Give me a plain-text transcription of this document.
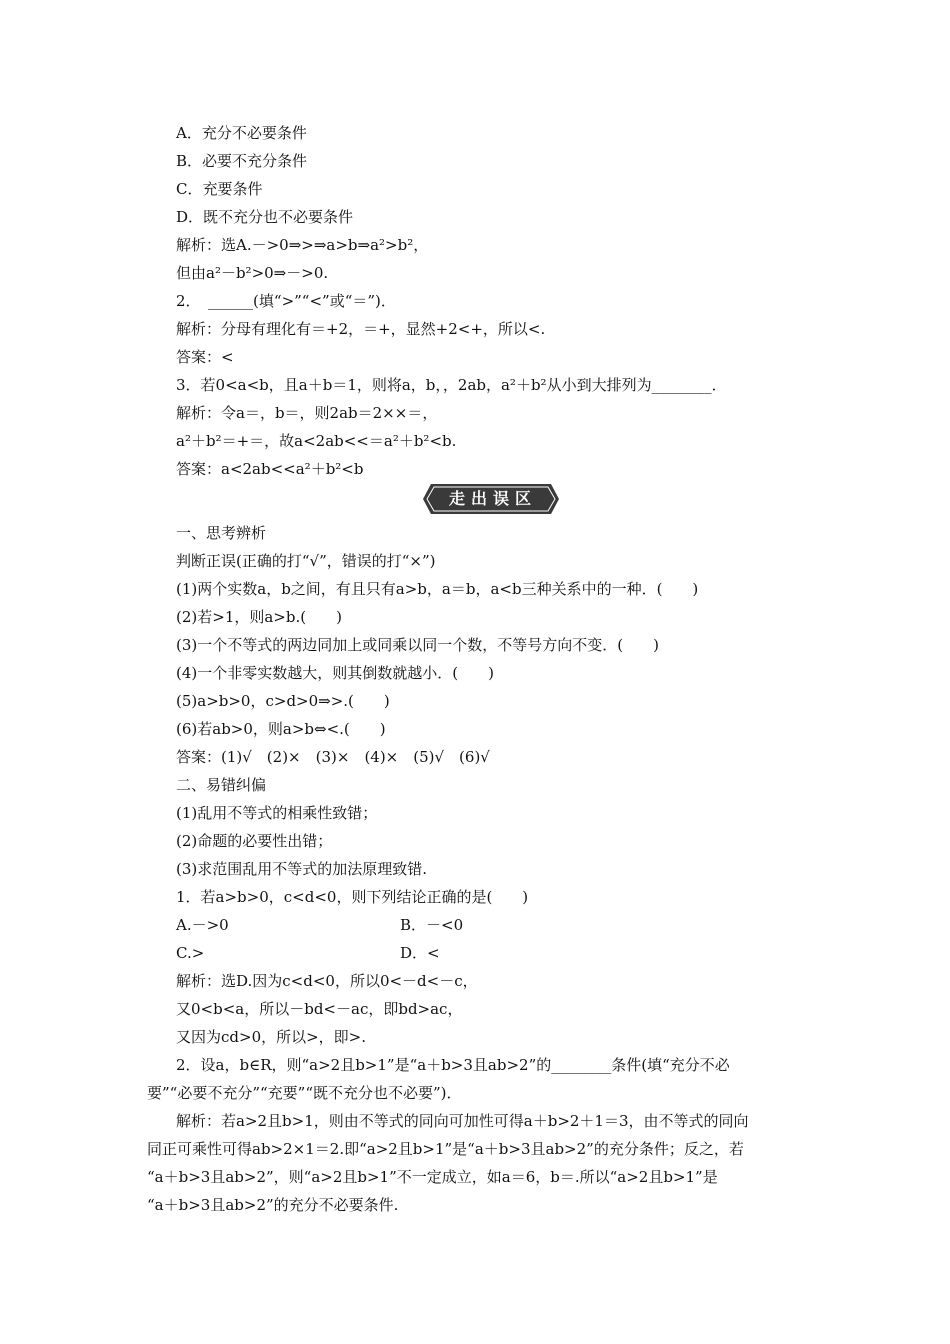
A．充分不必要条件
B．必要不充分条件
C．充要条件
D．既不充分也不必要条件
解析：选A.－>0⇒>⇒a>b⇒a²>b²，
但由a²－b²>0⇒－>0.
2．　______(填“>”“<”或“＝”)．
解析：分母有理化有＝+2，＝+，显然+2<+，所以<.
答案：<
3．若0<a<b，且a＋b＝1，则将a，b，，2ab，a²＋b²从小到大排列为________．
解析：令a＝，b＝，则2ab＝2××＝，
a²＋b²＝+＝，故a<2ab<<＝a²＋b²<b.
答案：a<2ab<<a²＋b²<b
走出误区
一、思考辨析
判断正误(正确的打“√”，错误的打“×”)
(1)两个实数a，b之间，有且只有a>b，a＝b，a<b三种关系中的一种．(　　)
(2)若>1，则a>b.(　　)
(3)一个不等式的两边同加上或同乘以同一个数，不等号方向不变．(　　)
(4)一个非零实数越大，则其倒数就越小．(　　)
(5)a>b>0，c>d>0⇒>.(　　)
(6)若ab>0，则a>b⇔<.(　　)
答案：(1)√　(2)×　(3)×　(4)×　(5)√　(6)√
二、易错纠偏
(1)乱用不等式的相乘性致错；
(2)命题的必要性出错；
(3)求范围乱用不等式的加法原理致错.
1．若a>b>0，c<d<0，则下列结论正确的是(　　)
A.－>0	B．－<0
C.>	D．<
解析：选D.因为c<d<0，所以0<－d<－c，
又0<b<a，所以－bd<－ac，即bd>ac，
又因为cd>0，所以>，即>.
2．设a，b∈R，则“a>2且b>1”是“a＋b>3且ab>2”的________条件(填“充分不必
要”“必要不充分”“充要”“既不充分也不必要”)．
解析：若a>2且b>1，则由不等式的同向可加性可得a＋b>2＋1＝3，由不等式的同向
同正可乘性可得ab>2×1＝2.即“a>2且b>1”是“a＋b>3且ab>2”的充分条件；反之，若
“a＋b>3且ab>2”，则“a>2且b>1”不一定成立，如a＝6，b＝.所以“a>2且b>1”是
“a＋b>3且ab>2”的充分不必要条件.
